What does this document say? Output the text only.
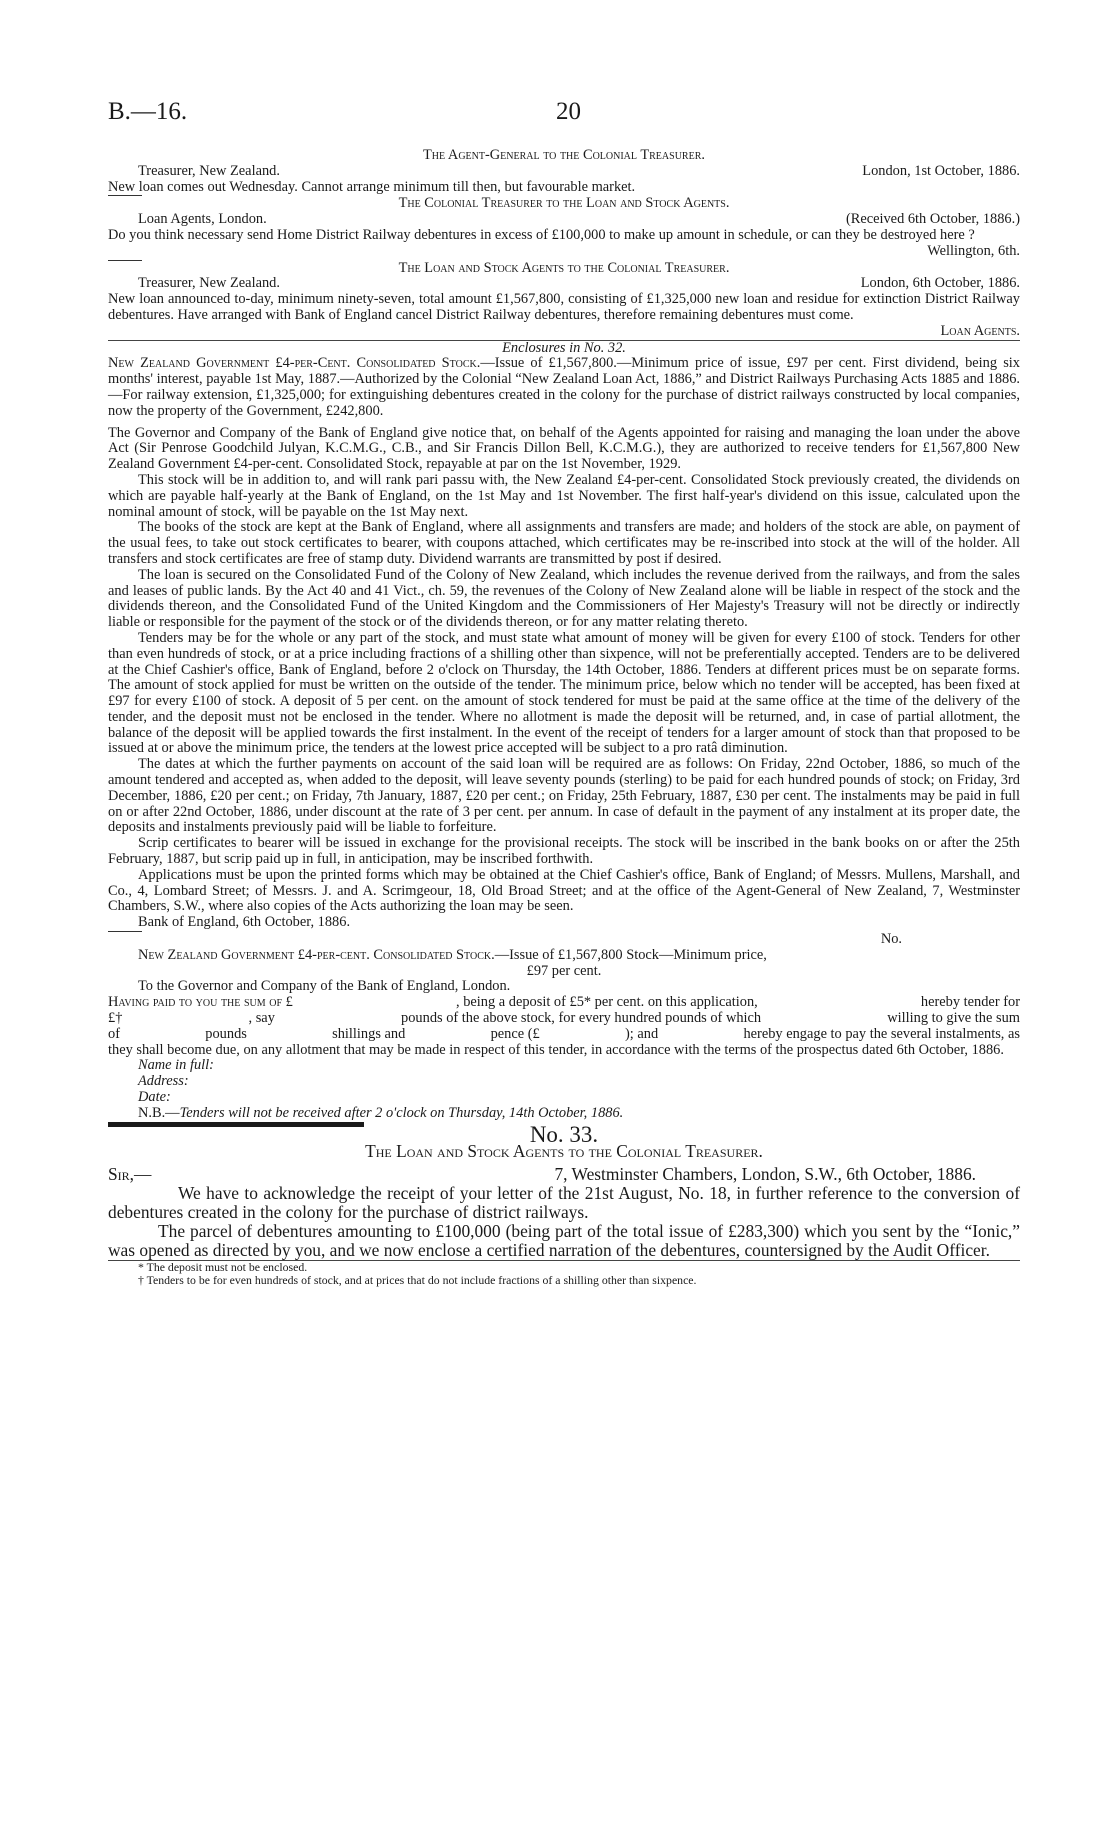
B.—16.	20
The Agent-General to the Colonial Treasurer.
Treasurer, New Zealand.	London, 1st October, 1886.
New loan comes out Wednesday. Cannot arrange minimum till then, but favourable market.
The Colonial Treasurer to the Loan and Stock Agents.
Loan Agents, London.	(Received 6th October, 1886.)
Do you think necessary send Home District Railway debentures in excess of £100,000 to make up amount in schedule, or can they be destroyed here ?
Wellington, 6th.
The Loan and Stock Agents to the Colonial Treasurer.
Treasurer, New Zealand.	London, 6th October, 1886.
New loan announced to-day, minimum ninety-seven, total amount £1,567,800, consisting of £1,325,000 new loan and residue for extinction District Railway debentures. Have arranged with Bank of England cancel District Railway debentures, therefore remaining debentures must come.
Loan Agents.
Enclosures in No. 32.

New Zealand Government £4-per-Cent. Consolidated Stock.—Issue of £1,567,800.—Minimum price of issue, £97 per cent. First dividend, being six months' interest, payable 1st May, 1887.—Authorized by the Colonial “New Zealand Loan Act, 1886,” and District Railways Purchasing Acts 1885 and 1886.—For railway extension, £1,325,000; for extinguishing debentures created in the colony for the purchase of district railways constructed by local companies, now the property of the Government, £242,800.

The Governor and Company of the Bank of England give notice that, on behalf of the Agents appointed for raising and managing the loan under the above Act (Sir Penrose Goodchild Julyan, K.C.M.G., C.B., and Sir Francis Dillon Bell, K.C.M.G.), they are authorized to receive tenders for £1,567,800 New Zealand Government £4-per-cent. Consolidated Stock, repayable at par on the 1st November, 1929.

This stock will be in addition to, and will rank pari passu with, the New Zealand £4-per-cent. Consolidated Stock previously created, the dividends on which are payable half-yearly at the Bank of England, on the 1st May and 1st November. The first half-year's dividend on this issue, calculated upon the nominal amount of stock, will be payable on the 1st May next.

The books of the stock are kept at the Bank of England, where all assignments and transfers are made; and holders of the stock are able, on payment of the usual fees, to take out stock certificates to bearer, with coupons attached, which certificates may be re-inscribed into stock at the will of the holder. All transfers and stock certificates are free of stamp duty. Dividend warrants are transmitted by post if desired.

The loan is secured on the Consolidated Fund of the Colony of New Zealand, which includes the revenue derived from the railways, and from the sales and leases of public lands. By the Act 40 and 41 Vict., ch. 59, the revenues of the Colony of New Zealand alone will be liable in respect of the stock and the dividends thereon, and the Consolidated Fund of the United Kingdom and the Commissioners of Her Majesty's Treasury will not be directly or indirectly liable or responsible for the payment of the stock or of the dividends thereon, or for any matter relating thereto.

Tenders may be for the whole or any part of the stock, and must state what amount of money will be given for every £100 of stock. Tenders for other than even hundreds of stock, or at a price including fractions of a shilling other than sixpence, will not be preferentially accepted. Tenders are to be delivered at the Chief Cashier's office, Bank of England, before 2 o'clock on Thursday, the 14th October, 1886. Tenders at different prices must be on separate forms. The amount of stock applied for must be written on the outside of the tender. The minimum price, below which no tender will be accepted, has been fixed at £97 for every £100 of stock. A deposit of 5 per cent. on the amount of stock tendered for must be paid at the same office at the time of the delivery of the tender, and the deposit must not be enclosed in the tender. Where no allotment is made the deposit will be returned, and, in case of partial allotment, the balance of the deposit will be applied towards the first instalment. In the event of the receipt of tenders for a larger amount of stock than that proposed to be issued at or above the minimum price, the tenders at the lowest price accepted will be subject to a pro ratâ diminution.

The dates at which the further payments on account of the said loan will be required are as follows: On Friday, 22nd October, 1886, so much of the amount tendered and accepted as, when added to the deposit, will leave seventy pounds (sterling) to be paid for each hundred pounds of stock; on Friday, 3rd December, 1886, £20 per cent.; on Friday, 7th January, 1887, £20 per cent.; on Friday, 25th February, 1887, £30 per cent. The instalments may be paid in full on or after 22nd October, 1886, under discount at the rate of 3 per cent. per annum. In case of default in the payment of any instalment at its proper date, the deposits and instalments previously paid will be liable to forfeiture.

Scrip certificates to bearer will be issued in exchange for the provisional receipts. The stock will be inscribed in the bank books on or after the 25th February, 1887, but scrip paid up in full, in anticipation, may be inscribed forthwith.

Applications must be upon the printed forms which may be obtained at the Chief Cashier's office, Bank of England; of Messrs. Mullens, Marshall, and Co., 4, Lombard Street; of Messrs. J. and A. Scrimgeour, 18, Old Broad Street; and at the office of the Agent-General of New Zealand, 7, Westminster Chambers, S.W., where also copies of the Acts authorizing the loan may be seen.

Bank of England, 6th October, 1886.

No.
New Zealand Government £4-per-cent. Consolidated Stock.—Issue of £1,567,800 Stock—Minimum price,
£97 per cent.
To the Governor and Company of the Bank of England, London.
Having paid to you the sum of £	, being a deposit of £5* per cent. on this application,	hereby tender for
£†	, say	pounds of the above stock, for every hundred pounds of which	willing to give the sum
of	pounds	shillings and	pence (£	); and	hereby engage to pay the several instalments, as
they shall become due, on any allotment that may be made in respect of this tender, in accordance with the terms of the prospectus dated 6th October, 1886.
Name in full:
Address:
Date:
N.B.—Tenders will not be received after 2 o'clock on Thursday, 14th October, 1886.
No. 33.
The Loan and Stock Agents to the Colonial Treasurer.
Sir,—	7, Westminster Chambers, London, S.W., 6th October, 1886.

We have to acknowledge the receipt of your letter of the 21st August, No. 18, in further reference to the conversion of debentures created in the colony for the purchase of district railways.

The parcel of debentures amounting to £100,000 (being part of the total issue of £283,300) which you sent by the “Ionic,” was opened as directed by you, and we now enclose a certified narration of the debentures, countersigned by the Audit Officer.

* The deposit must not be enclosed.
† Tenders to be for even hundreds of stock, and at prices that do not include fractions of a shilling other than sixpence.
